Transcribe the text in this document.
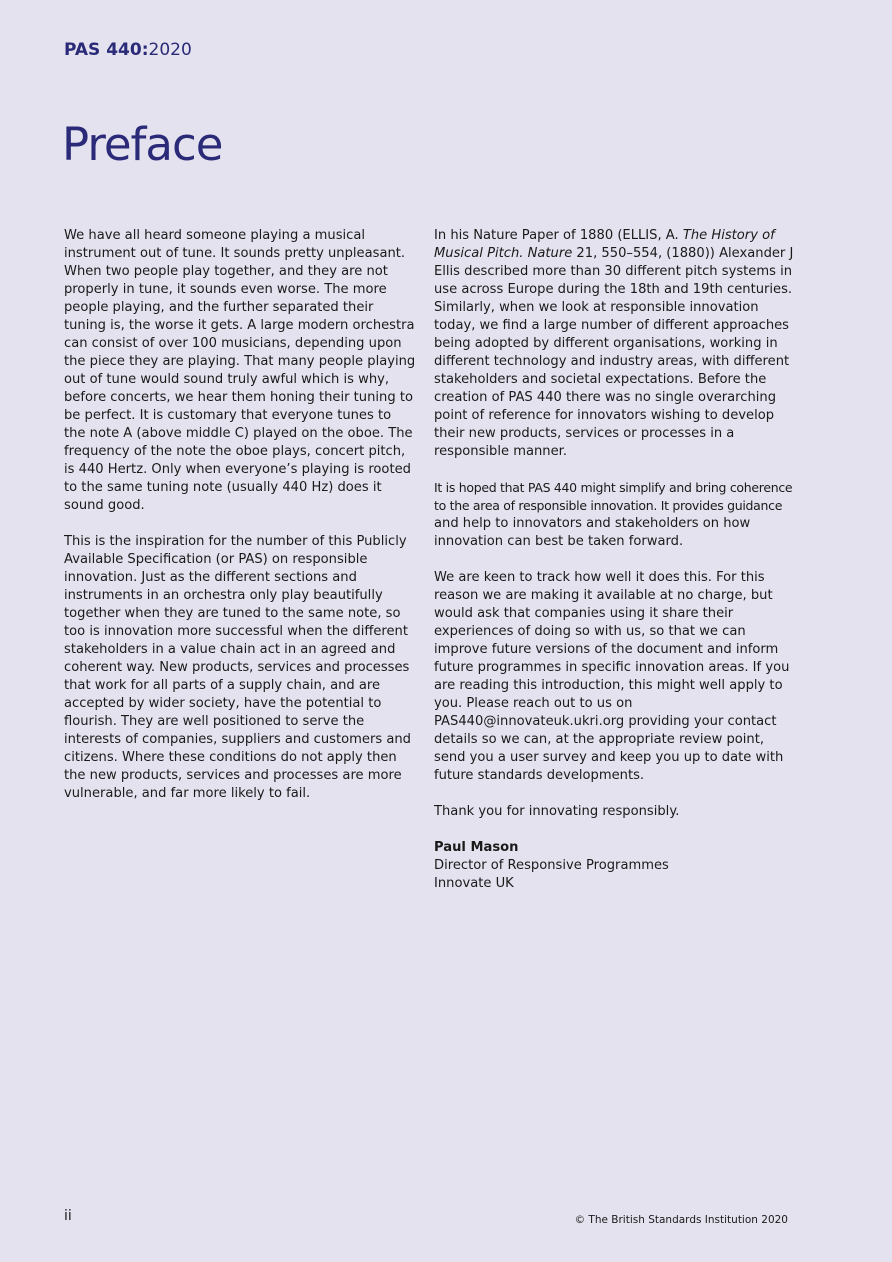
PAS 440:2020
Preface

We have all heard someone playing a musical instrument out of tune. It sounds pretty unpleasant. When two people play together, and they are not properly in tune, it sounds even worse. The more people playing, and the further separated their tuning is, the worse it gets. A large modern orchestra can consist of over 100 musicians, depending upon the piece they are playing. That many people playing out of tune would sound truly awful which is why, before concerts, we hear them honing their tuning to be perfect. It is customary that everyone tunes to the note A (above middle C) played on the oboe. The frequency of the note the oboe plays, concert pitch, is 440 Hertz. Only when everyone’s playing is rooted to the same tuning note (usually 440 Hz) does it sound good.

This is the inspiration for the number of this Publicly Available Specification (or PAS) on responsible innovation. Just as the different sections and instruments in an orchestra only play beautifully together when they are tuned to the same note, so too is innovation more successful when the different stakeholders in a value chain act in an agreed and coherent way. New products, services and processes that work for all parts of a supply chain, and are accepted by wider society, have the potential to flourish. They are well positioned to serve the interests of companies, suppliers and customers and citizens. Where these conditions do not apply then the new products, services and processes are more vulnerable, and far more likely to fail.

In his Nature Paper of 1880 (ELLIS, A. The History of Musical Pitch. Nature 21, 550–554, (1880)) Alexander J Ellis described more than 30 different pitch systems in use across Europe during the 18th and 19th centuries. Similarly, when we look at responsible innovation today, we find a large number of different approaches being adopted by different organisations, working in different technology and industry areas, with different stakeholders and societal expectations. Before the creation of PAS 440 there was no single overarching point of reference for innovators wishing to develop their new products, services or processes in a responsible manner.

It is hoped that PAS 440 might simplify and bring coherence to the area of responsible innovation. It provides guidance
and help to innovators and stakeholders on how innovation can best be taken forward.

We are keen to track how well it does this. For this reason we are making it available at no charge, but would ask that companies using it share their experiences of doing so with us, so that we can improve future versions of the document and inform future programmes in specific innovation areas. If you are reading this introduction, this might well apply to you. Please reach out to us on PAS440@innovateuk.ukri.org providing your contact details so we can, at the appropriate review point, send you a user survey and keep you up to date with future standards developments.

Thank you for innovating responsibly.

Paul Mason
Director of Responsive Programmes
Innovate UK

ii	© The British Standards Institution 2020
